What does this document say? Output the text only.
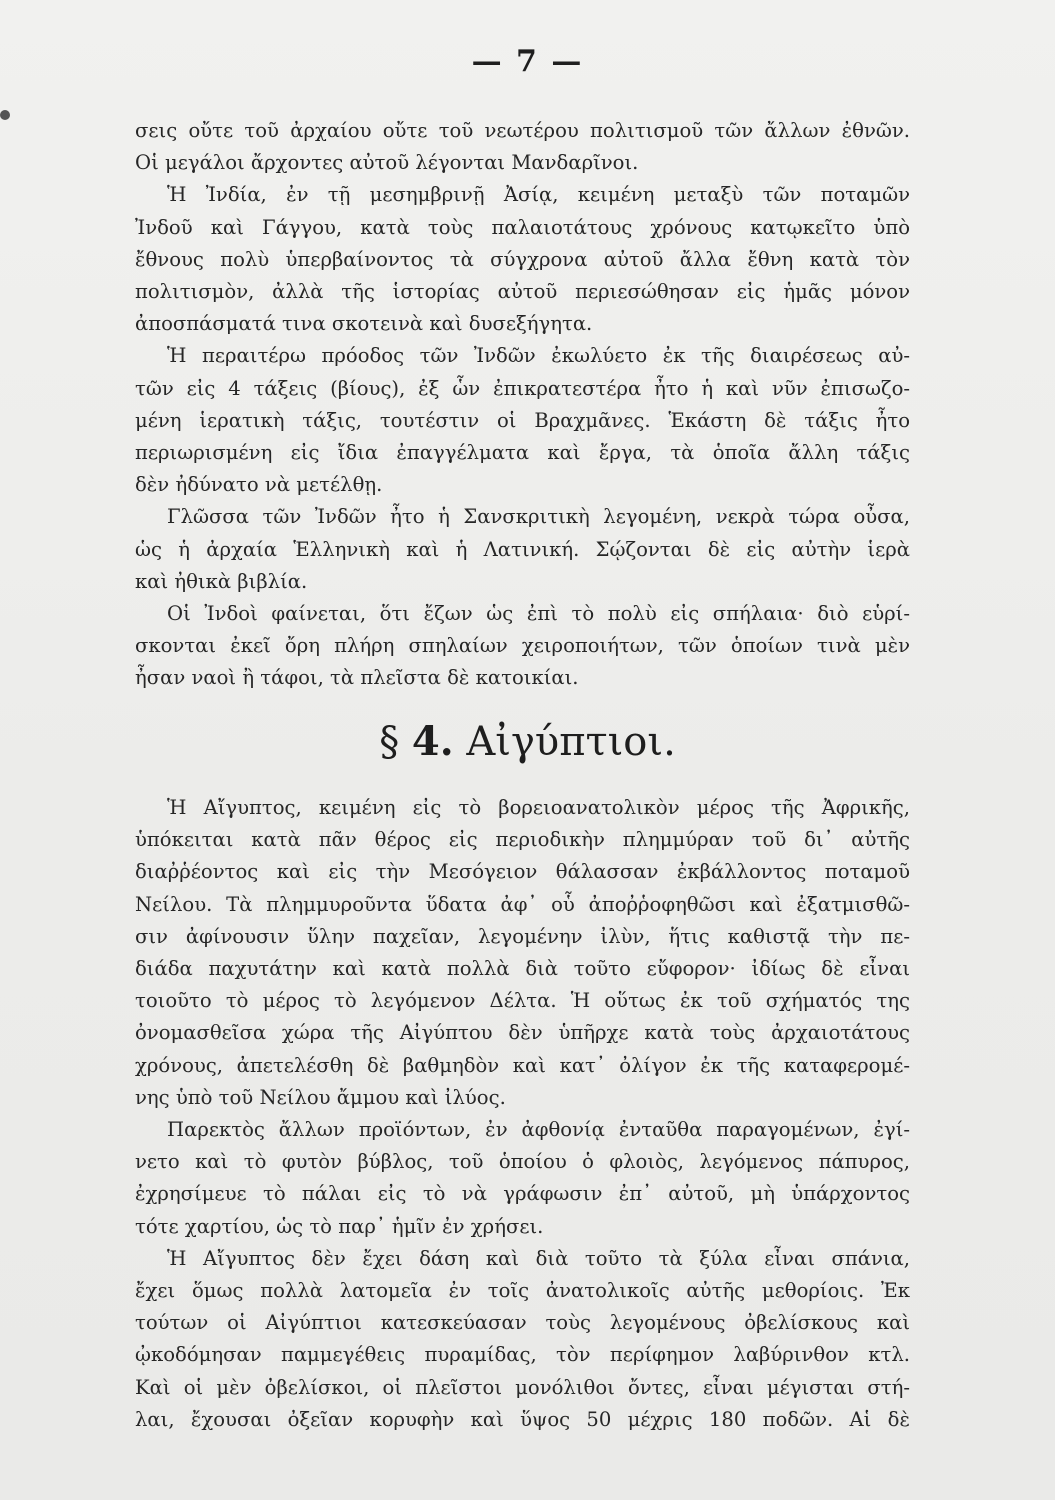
— 7 —
σεις οὔτε τοῦ ἀρχαίου οὔτε τοῦ νεωτέρου πολιτισμοῦ τῶν ἄλλων ἐθνῶν.
Οἱ μεγάλοι ἄρχοντες αὐτοῦ λέγονται Μανδαρῖνοι.
Ἡ Ἰνδία, ἐν τῇ μεσημβρινῇ Ἀσίᾳ, κειμένη μεταξὺ τῶν ποταμῶν
Ἰνδοῦ καὶ Γάγγου, κατὰ τοὺς παλαιοτάτους χρόνους κατῳκεῖτο ὑπὸ
ἔθνους πολὺ ὑπερβαίνοντος τὰ σύγχρονα αὐτοῦ ἄλλα ἔθνη κατὰ τὸν
πολιτισμὸν, ἀλλὰ τῆς ἱστορίας αὐτοῦ περιεσώθησαν εἰς ἡμᾶς μόνον
ἀποσπάσματά τινα σκοτεινὰ καὶ δυσεξήγητα.
Ἡ περαιτέρω πρόοδος τῶν Ἰνδῶν ἐκωλύετο ἐκ τῆς διαιρέσεως αὐ-
τῶν εἰς 4 τάξεις (βίους), ἐξ ὧν ἐπικρατεστέρα ἦτο ἡ καὶ νῦν ἐπισωζο-
μένη ἱερατικὴ τάξις, τουτέστιν οἱ Βραχμᾶνες. Ἑκάστη δὲ τάξις ἦτο
περιωρισμένη εἰς ἴδια ἐπαγγέλματα καὶ ἔργα, τὰ ὁποῖα ἄλλη τάξις
δὲν ἠδύνατο νὰ μετέλθῃ.
Γλῶσσα τῶν Ἰνδῶν ἦτο ἡ Σανσκριτικὴ λεγομένη, νεκρὰ τώρα οὖσα,
ὡς ἡ ἀρχαία Ἑλληνικὴ καὶ ἡ Λατινική. Σῴζονται δὲ εἰς αὐτὴν ἱερὰ
καὶ ἠθικὰ βιβλία.
Οἱ Ἰνδοὶ φαίνεται, ὅτι ἔζων ὡς ἐπὶ τὸ πολὺ εἰς σπήλαια· διὸ εὑρί-
σκονται ἐκεῖ ὄρη πλήρη σπηλαίων χειροποιήτων, τῶν ὁποίων τινὰ μὲν
ἦσαν ναοὶ ἢ τάφοι, τὰ πλεῖστα δὲ κατοικίαι.
§ 4. Αἰγύπτιοι.
Ἡ Αἴγυπτος, κειμένη εἰς τὸ βορειοανατολικὸν μέρος τῆς Ἀφρικῆς,
ὑπόκειται κατὰ πᾶν θέρος εἰς περιοδικὴν πλημμύραν τοῦ δι᾽ αὐτῆς
διαῤῥέοντος καὶ εἰς τὴν Μεσόγειον θάλασσαν ἐκβάλλοντος ποταμοῦ
Νείλου. Τὰ πλημμυροῦντα ὕδατα ἀφ᾽ οὗ ἀποῤῥοφηθῶσι καὶ ἐξατμισθῶ-
σιν ἀφίνουσιν ὕλην παχεῖαν, λεγομένην ἰλὺν, ἥτις καθιστᾷ τὴν πε-
διάδα παχυτάτην καὶ κατὰ πολλὰ διὰ τοῦτο εὔφορον· ἰδίως δὲ εἶναι
τοιοῦτο τὸ μέρος τὸ λεγόμενον Δέλτα. Ἡ οὕτως ἐκ τοῦ σχήματός της
ὀνομασθεῖσα χώρα τῆς Αἰγύπτου δὲν ὑπῆρχε κατὰ τοὺς ἀρχαιοτάτους
χρόνους, ἀπετελέσθη δὲ βαθμηδὸν καὶ κατ᾽ ὀλίγον ἐκ τῆς καταφερομέ-
νης ὑπὸ τοῦ Νείλου ἄμμου καὶ ἰλύος.
Παρεκτὸς ἄλλων προϊόντων, ἐν ἀφθονίᾳ ἐνταῦθα παραγομένων, ἐγί-
νετο καὶ τὸ φυτὸν βύβλος, τοῦ ὁποίου ὁ φλοιὸς, λεγόμενος πάπυρος,
ἐχρησίμευε τὸ πάλαι εἰς τὸ νὰ γράφωσιν ἐπ᾽ αὐτοῦ, μὴ ὑπάρχοντος
τότε χαρτίου, ὡς τὸ παρ᾽ ἡμῖν ἐν χρήσει.
Ἡ Αἴγυπτος δὲν ἔχει δάση καὶ διὰ τοῦτο τὰ ξύλα εἶναι σπάνια,
ἔχει ὅμως πολλὰ λατομεῖα ἐν τοῖς ἀνατολικοῖς αὐτῆς μεθορίοις. Ἐκ
τούτων οἱ Αἰγύπτιοι κατεσκεύασαν τοὺς λεγομένους ὀβελίσκους καὶ
ᾠκοδόμησαν παμμεγέθεις πυραμίδας, τὸν περίφημον λαβύρινθον κτλ.
Καὶ οἱ μὲν ὀβελίσκοι, οἱ πλεῖστοι μονόλιθοι ὄντες, εἶναι μέγισται στή-
λαι, ἔχουσαι ὀξεῖαν κορυφὴν καὶ ὕψος 50 μέχρις 180 ποδῶν. Αἱ δὲ
